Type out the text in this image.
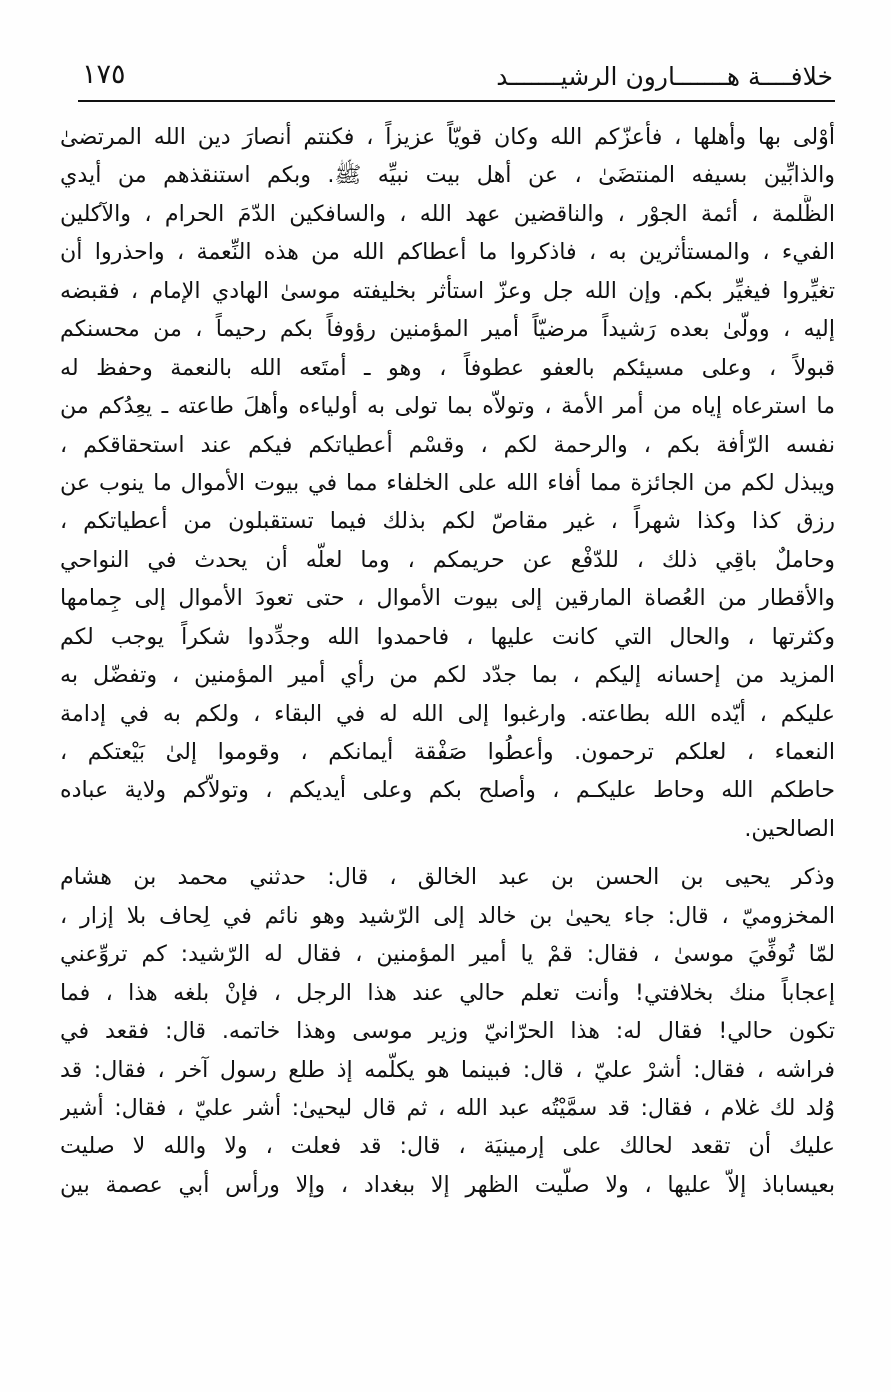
خلافــــة هـــــــارون الرشيـــــــد
١٧٥
أوْلى بها وأهلها ، فأعزّكم الله وكان قويّاً عزيزاً ، فكنتم أنصارَ دين الله المرتضىٰ
والذابِّين بسيفه المنتضَىٰ ، عن أهل بيت نبيِّه ﷺ. وبكم استنقذهم من أيدي
الظَّلمة ، أئمة الجوْر ، والناقضين عهد الله ، والسافكين الدّمَ الحرام ، والآكلين
الفيء ، والمستأثرين به ، فاذكروا ما أعطاكم الله من هذه النِّعمة ، واحذروا أن
تغيِّروا فيغيِّر بكم. وإن الله جل وعزّ استأثر بخليفته موسىٰ الهادي الإمام ، فقبضه
إليه ، وولّىٰ بعده رَشيداً مرضيّاً أمير المؤمنين رؤوفاً بكم رحيماً ، من محسنكم
قبولاً ، وعلى مسيئكم بالعفو عطوفاً ، وهو ـ أمتَعه الله بالنعمة وحفظ له
ما استرعاه إياه من أمر الأمة ، وتولاّه بما تولى به أولياءه وأهلَ طاعته ـ يعِدُكم من
نفسه الرّأفة بكم ، والرحمة لكم ، وقسْم أعطياتكم فيكم عند استحقاقكم ،
ويبذل لكم من الجائزة مما أفاء الله على الخلفاء مما في بيوت الأموال ما ينوب عن
رزق كذا وكذا شهراً ، غير مقاصّ لكم بذلك فيما تستقبلون من أعطياتكم ،
وحاملٌ باقِي ذلك ، للدّفْع عن حريمكم ، وما لعلّه أن يحدث في النواحي
والأقطار من العُصاة المارقين إلى بيوت الأموال ، حتى تعودَ الأموال إلى جِمامها
وكثرتها ، والحال التي كانت عليها ، فاحمدوا الله وجدِّدوا شكراً يوجب لكم
المزيد من إحسانه إليكم ، بما جدّد لكم من رأي أمير المؤمنين ، وتفضّل به
عليكم ، أيّده الله بطاعته. وارغبوا إلى الله له في البقاء ، ولكم به في إدامة
النعماء ، لعلكم ترحمون. وأعطُوا صَفْقة أيمانكم ، وقوموا إلىٰ بَيْعتكم ،
حاطكم الله وحاط عليكـم ، وأصلح بكم وعلى أيديكم ، وتولاّكم ولاية عباده
الصالحين.
وذكر يحيى بن الحسن بن عبد الخالق ، قال: حدثني محمد بن هشام
المخزوميّ ، قال: جاء يحيىٰ بن خالد إلى الرّشيد وهو نائم في لِحاف بلا إزار ،
لمّا تُوفِّيَ موسىٰ ، فقال: قمْ يا أمير المؤمنين ، فقال له الرّشيد: كم تروِّعني
إعجاباً منك بخلافتي! وأنت تعلم حالي عند هذا الرجل ، فإنْ بلغه هذا ، فما
تكون حالي! فقال له: هذا الحرّانيّ وزير موسى وهذا خاتمه. قال: فقعد في
فراشه ، فقال: أشرْ عليّ ، قال: فبينما هو يكلّمه إذ طلع رسول آخر ، فقال: قد
وُلد لك غلام ، فقال: قد سمَّيْتُه عبد الله ، ثم قال ليحيىٰ: أشر عليّ ، فقال: أشير
عليك أن تقعد لحالك على إرمينيَة ، قال: قد فعلت ، ولا والله لا صليت
بعيساباذ إلاّ عليها ، ولا صلّيت الظهر إلا ببغداد ، وإلا ورأس أبي عصمة بين
